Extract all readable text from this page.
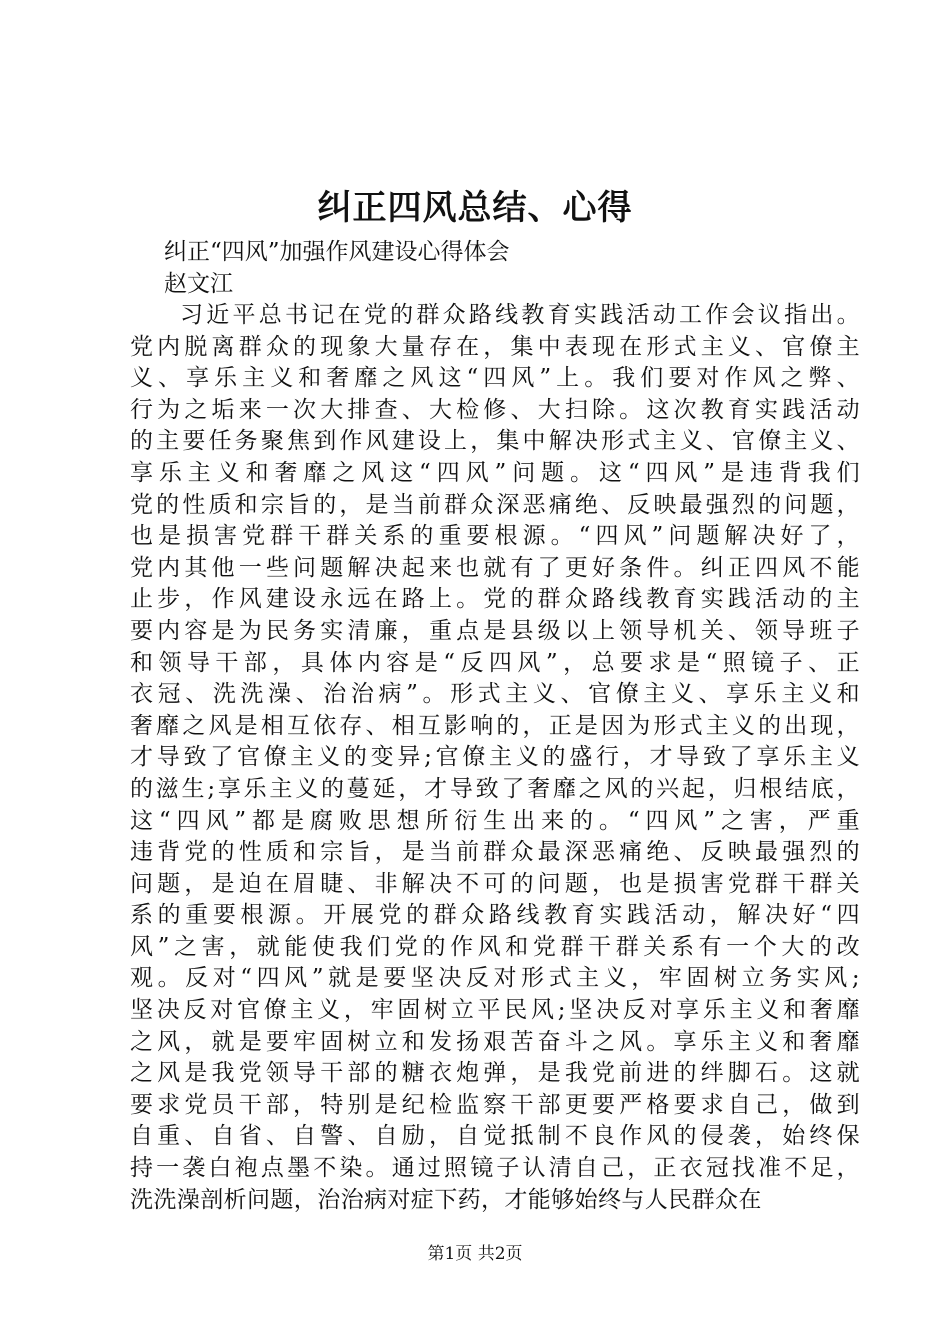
纠正四风总结、心得
纠正“四风”加强作风建设心得体会
赵文江
习近平总书记在党的群众路线教育实践活动工作会议指出。
党内脱离群众的现象大量存在，集中表现在形式主义、官僚主
义、享乐主义和奢靡之风这“四风”上。我们要对作风之弊、
行为之垢来一次大排查、大检修、大扫除。这次教育实践活动
的主要任务聚焦到作风建设上，集中解决形式主义、官僚主义、
享乐主义和奢靡之风这“四风”问题。这“四风”是违背我们
党的性质和宗旨的，是当前群众深恶痛绝、反映最强烈的问题，
也是损害党群干群关系的重要根源。“四风”问题解决好了，
党内其他一些问题解决起来也就有了更好条件。纠正四风不能
止步，作风建设永远在路上。党的群众路线教育实践活动的主
要内容是为民务实清廉，重点是县级以上领导机关、领导班子
和领导干部，具体内容是“反四风”，总要求是“照镜子、正
衣冠、洗洗澡、治治病”。形式主义、官僚主义、享乐主义和
奢靡之风是相互依存、相互影响的，正是因为形式主义的出现，
才导致了官僚主义的变异;官僚主义的盛行，才导致了享乐主义
的滋生;享乐主义的蔓延，才导致了奢靡之风的兴起，归根结底，
这“四风”都是腐败思想所衍生出来的。“四风”之害，严重
违背党的性质和宗旨，是当前群众最深恶痛绝、反映最强烈的
问题，是迫在眉睫、非解决不可的问题，也是损害党群干群关
系的重要根源。开展党的群众路线教育实践活动，解决好“四
风”之害，就能使我们党的作风和党群干群关系有一个大的改
观。反对“四风”就是要坚决反对形式主义，牢固树立务实风;
坚决反对官僚主义，牢固树立平民风;坚决反对享乐主义和奢靡
之风，就是要牢固树立和发扬艰苦奋斗之风。享乐主义和奢靡
之风是我党领导干部的糖衣炮弹，是我党前进的绊脚石。这就
要求党员干部，特别是纪检监察干部更要严格要求自己，做到
自重、自省、自警、自励，自觉抵制不良作风的侵袭，始终保
持一袭白袍点墨不染。通过照镜子认清自己，正衣冠找准不足，
洗洗澡剖析问题，治治病对症下药，才能够始终与人民群众在
第1页 共2页
